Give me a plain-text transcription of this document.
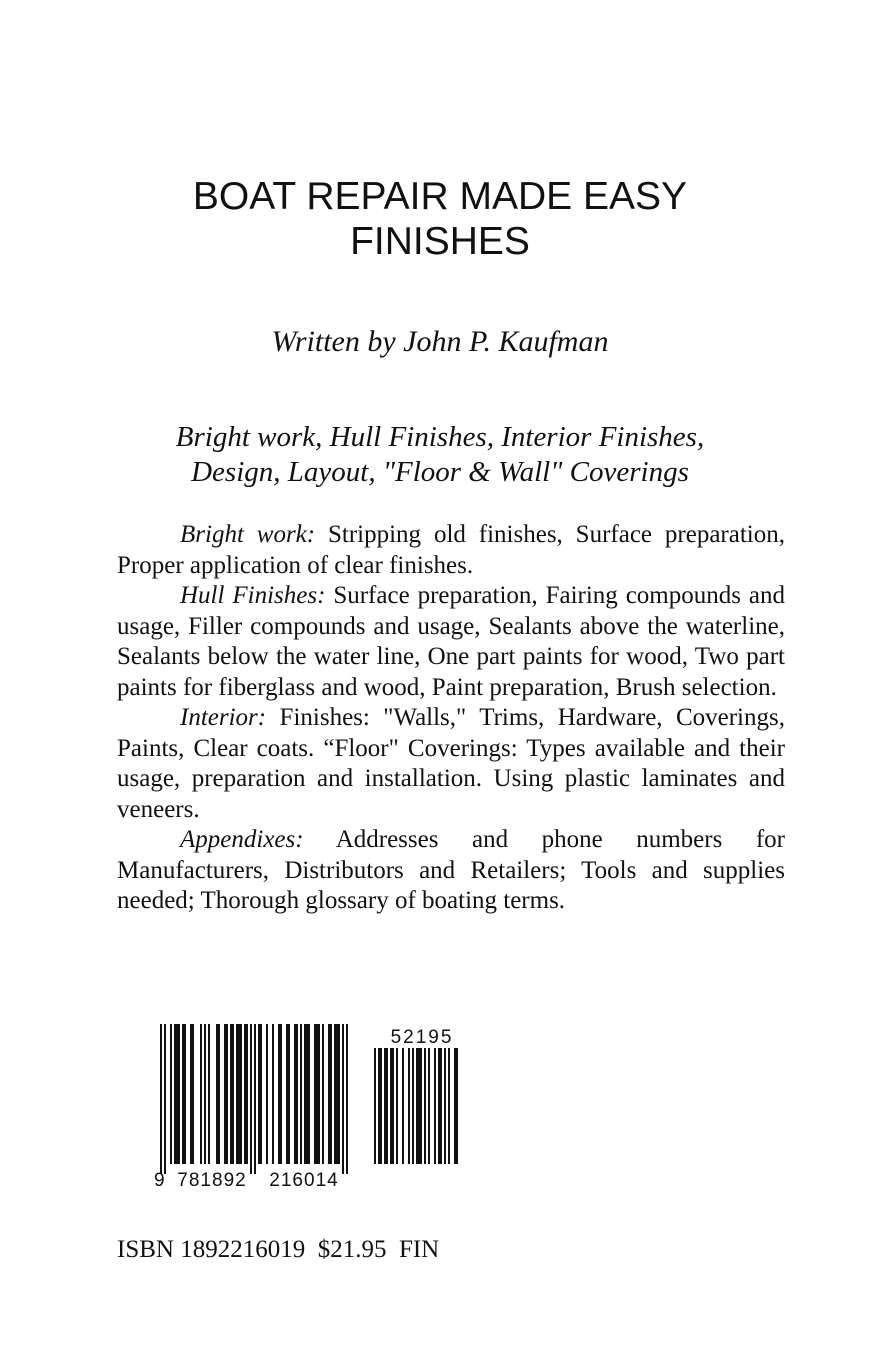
BOAT REPAIR MADE EASY
FINISHES
Written by John P. Kaufman
Bright work, Hull Finishes, Interior Finishes,
Design, Layout, "Floor & Wall" Coverings

Bright work: Stripping old finishes, Surface preparation, Proper application of clear finishes.

Hull Finishes: Surface preparation, Fairing compounds and usage, Filler compounds and usage, Sealants above the waterline, Sealants below the water line, One part paints for wood, Two part paints for fiberglass and wood, Paint preparation, Brush selection.

Interior: Finishes: "Walls," Trims, Hardware, Coverings, Paints, Clear coats. “Floor" Coverings: Types available and their usage, preparation and installation. Using plastic laminates and veneers.

Appendixes: Addresses and phone numbers for Manufacturers, Distributors and Retailers; Tools and supplies needed; Thorough glossary of boating terms.

9 781892 216014
52195
ISBN 1892216019  $21.95  FIN
